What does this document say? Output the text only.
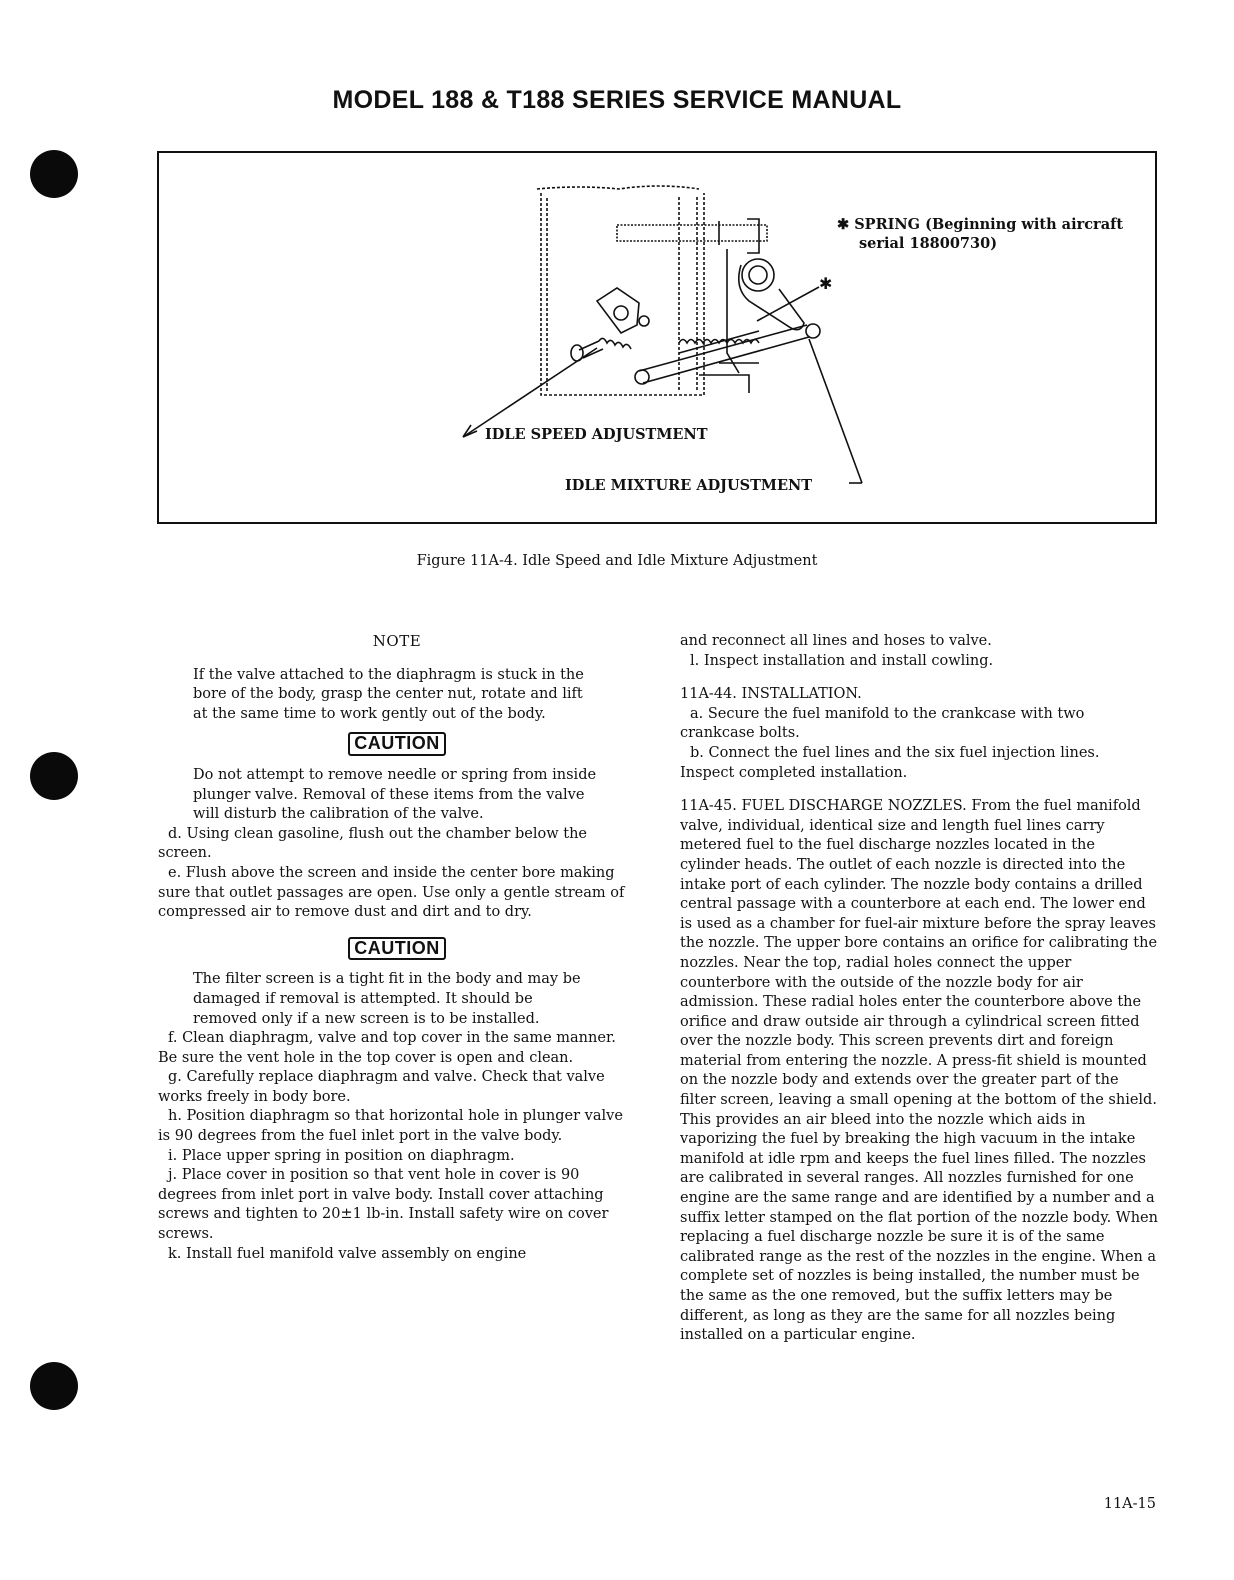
MODEL 188 & T188 SERIES SERVICE MANUAL
✱
✱ SPRING (Beginning with aircraft
serial 18800730)
IDLE SPEED ADJUSTMENT
IDLE MIXTURE ADJUSTMENT
Figure 11A-4. Idle Speed and Idle Mixture Adjustment
NOTE

If the valve attached to the diaphragm is stuck in the bore of the body, grasp the center nut, rotate and lift at the same time to work gently out of the body.

CAUTION

Do not attempt to remove needle or spring from inside plunger valve. Removal of these items from the valve will disturb the calibration of the valve.

d. Using clean gasoline, flush out the chamber below the screen.

e. Flush above the screen and inside the center bore making sure that outlet passages are open. Use only a gentle stream of compressed air to remove dust and dirt and to dry.

CAUTION

The filter screen is a tight fit in the body and may be damaged if removal is attempted. It should be removed only if a new screen is to be installed.

f. Clean diaphragm, valve and top cover in the same manner. Be sure the vent hole in the top cover is open and clean.

g. Carefully replace diaphragm and valve. Check that valve works freely in body bore.

h. Position diaphragm so that horizontal hole in plunger valve is 90 degrees from the fuel inlet port in the valve body.

i. Place upper spring in position on diaphragm.

j. Place cover in position so that vent hole in cover is 90 degrees from inlet port in valve body. Install cover attaching screws and tighten to 20±1 lb-in. Install safety wire on cover screws.

k. Install fuel manifold valve assembly on engine

and reconnect all lines and hoses to valve.

l. Inspect installation and install cowling.

11A-44. INSTALLATION.

a. Secure the fuel manifold to the crankcase with two crankcase bolts.

b. Connect the fuel lines and the six fuel injection lines. Inspect completed installation.

11A-45. FUEL DISCHARGE NOZZLES. From the fuel manifold valve, individual, identical size and length fuel lines carry metered fuel to the fuel discharge nozzles located in the cylinder heads. The outlet of each nozzle is directed into the intake port of each cylinder. The nozzle body contains a drilled central passage with a counterbore at each end. The lower end is used as a chamber for fuel-air mixture before the spray leaves the nozzle. The upper bore contains an orifice for calibrating the nozzles. Near the top, radial holes connect the upper counterbore with the outside of the nozzle body for air admission. These radial holes enter the counterbore above the orifice and draw outside air through a cylindrical screen fitted over the nozzle body. This screen prevents dirt and foreign material from entering the nozzle. A press-fit shield is mounted on the nozzle body and extends over the greater part of the filter screen, leaving a small opening at the bottom of the shield. This provides an air bleed into the nozzle which aids in vaporizing the fuel by breaking the high vacuum in the intake manifold at idle rpm and keeps the fuel lines filled. The nozzles are calibrated in several ranges. All nozzles furnished for one engine are the same range and are identified by a number and a suffix letter stamped on the flat portion of the nozzle body. When replacing a fuel discharge nozzle be sure it is of the same calibrated range as the rest of the nozzles in the engine. When a complete set of nozzles is being installed, the number must be the same as the one removed, but the suffix letters may be different, as long as they are the same for all nozzles being installed on a particular engine.

11A-15
